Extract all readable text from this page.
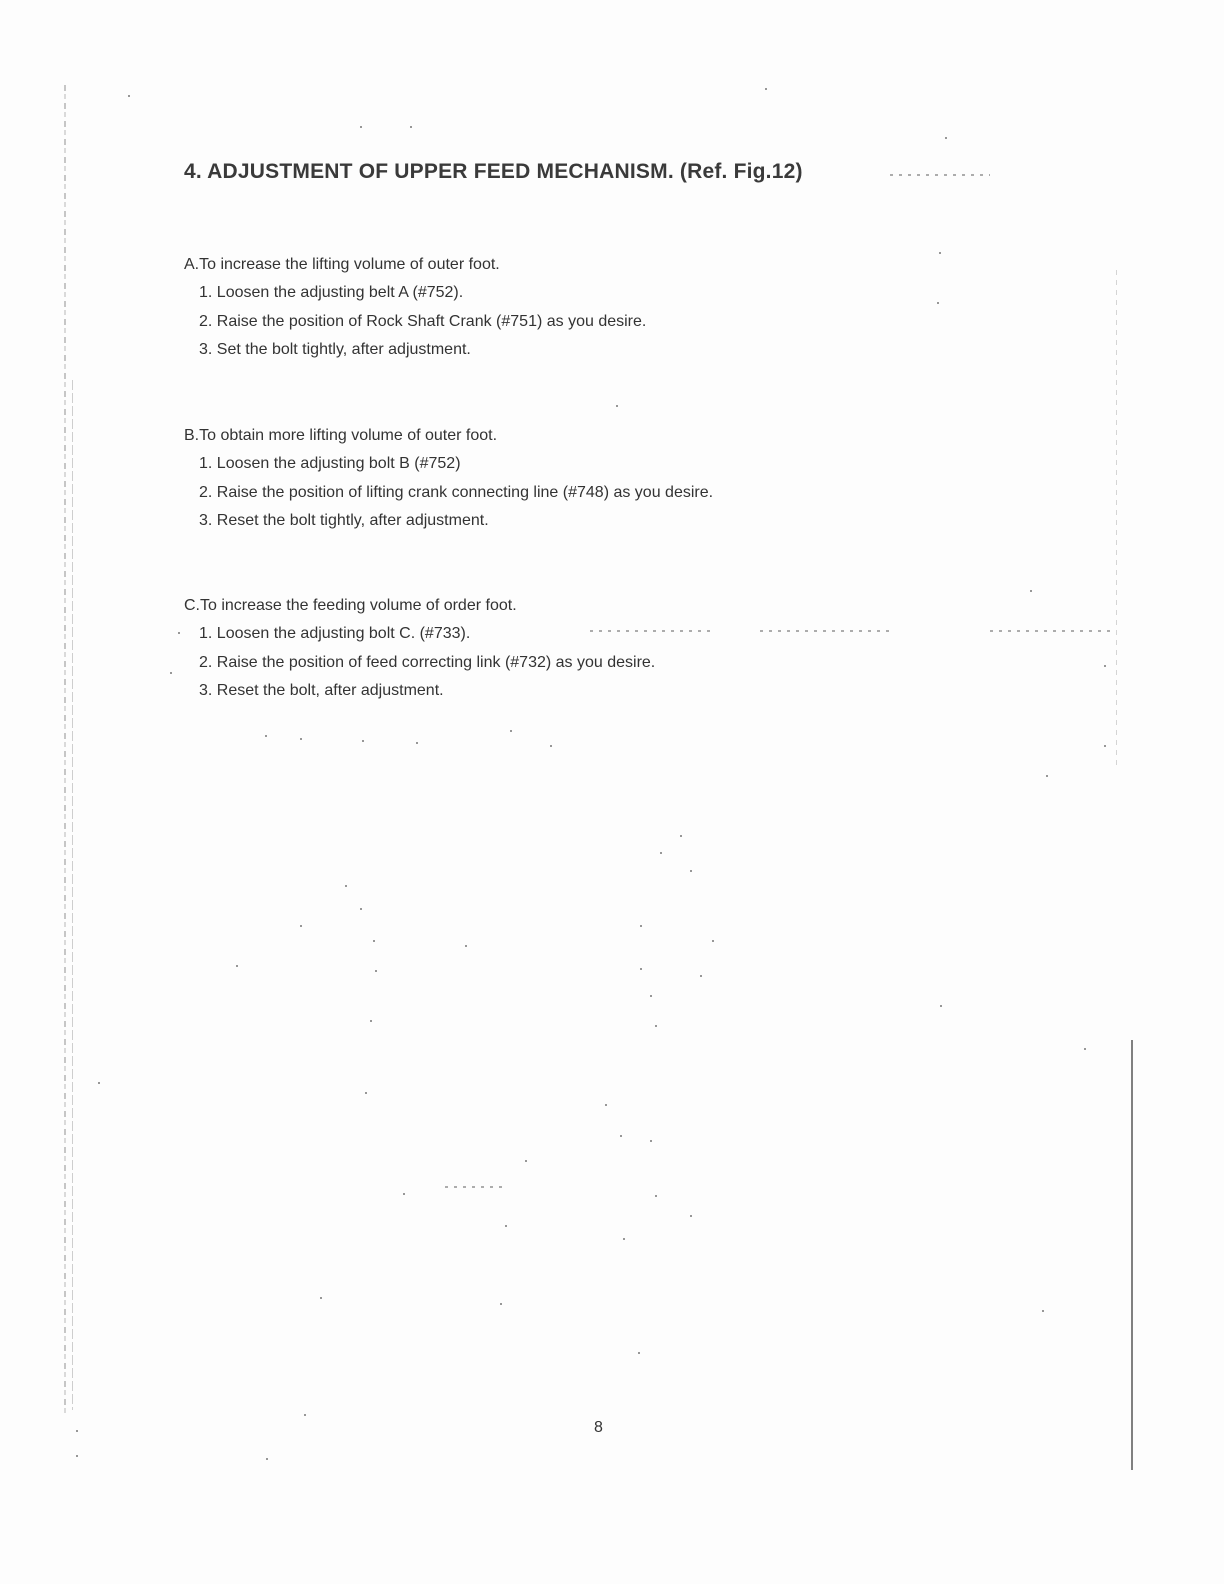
4. ADJUSTMENT OF UPPER FEED MECHANISM. (Ref. Fig.12)
A.To increase the lifting volume of outer foot.
1. Loosen the adjusting belt A (#752).
2. Raise the position of Rock Shaft Crank (#751) as you desire.
3. Set the bolt tightly, after adjustment.
B.To obtain more lifting volume of outer foot.
1. Loosen the adjusting bolt B (#752)
2. Raise the position of lifting crank connecting line (#748) as you desire.
3. Reset the bolt tightly, after adjustment.
C.To increase the feeding volume of order foot.
1. Loosen the adjusting bolt C. (#733).
2. Raise the position of feed correcting link (#732) as you desire.
3. Reset the bolt, after adjustment.
8
